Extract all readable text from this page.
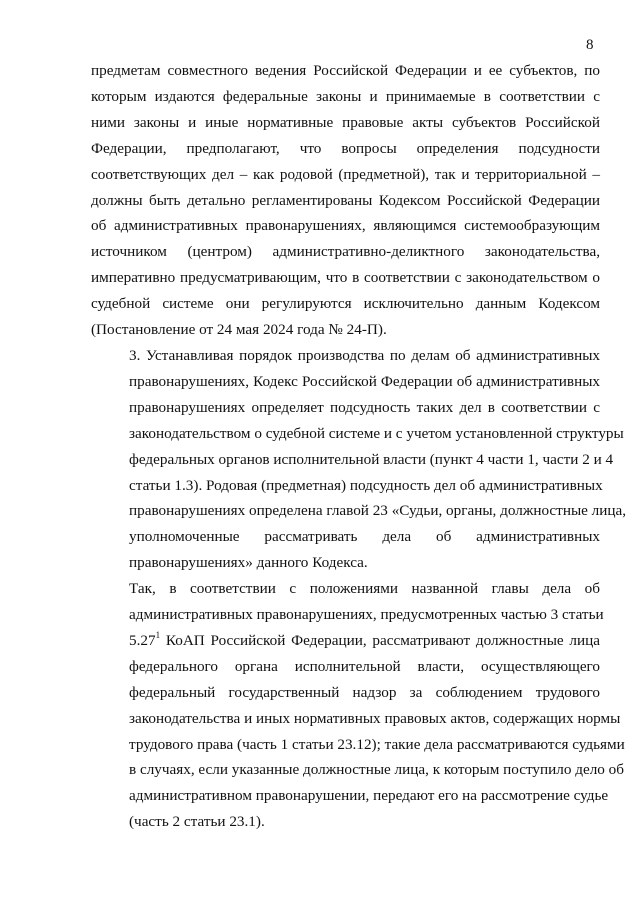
8

предметам совместного ведения Российской Федерации и ее субъектов, по
которым издаются федеральные законы и принимаемые в соответствии с
ними законы и иные нормативные правовые акты субъектов Российской
Федерации, предполагают, что вопросы определения подсудности
соответствующих дел – как родовой (предметной), так и территориальной –
должны быть детально регламентированы Кодексом Российской Федерации
об административных правонарушениях, являющимся системообразующим
источником (центром) административно-деликтного законодательства,
императивно предусматривающим, что в соответствии с законодательством о
судебной системе они регулируются исключительно данным Кодексом
(Постановление от 24 мая 2024 года № 24-П).

3. Устанавливая порядок производства по делам об административных
правонарушениях, Кодекс Российской Федерации об административных
правонарушениях определяет подсудность таких дел в соответствии с
законодательством о судебной системе и с учетом установленной структуры
федеральных органов исполнительной власти (пункт 4 части 1, части 2 и 4
статьи 1.3). Родовая (предметная) подсудность дел об административных
правонарушениях определена главой 23 «Судьи, органы, должностные лица,
уполномоченные рассматривать дела об административных
правонарушениях» данного Кодекса.

Так, в соответствии с положениями названной главы дела об
административных правонарушениях, предусмотренных частью 3 статьи
5.27$^1$ КоАП Российской Федерации, рассматривают должностные лица
федерального органа исполнительной власти, осуществляющего
федеральный государственный надзор за соблюдением трудового
законодательства и иных нормативных правовых актов, содержащих нормы
трудового права (часть 1 статьи 23.12); такие дела рассматриваются судьями
в случаях, если указанные должностные лица, к которым поступило дело об
административном правонарушении, передают его на рассмотрение судье
(часть 2 статьи 23.1).
